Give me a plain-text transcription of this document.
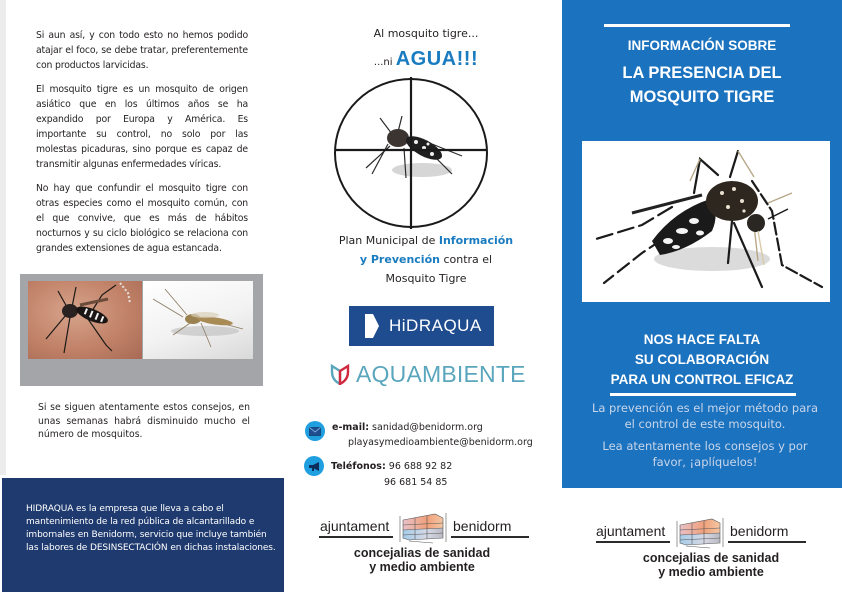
Si aun así, y con todo esto no hemos podido atajar el foco, se debe tratar, preferentemente con productos larvicidas.

El mosquito tigre es un mosquito de origen asiático que en los últimos años se ha expandido por Europa y América. Es importante su control, no solo por las molestas picaduras, sino porque es capaz de transmitir algunas enfermedades víricas.

No hay que confundir el mosquito tigre con otras especies como el mosquito común, con el que convive, que es más de hábitos nocturnos y su ciclo biológico se relaciona con grandes extensiones de agua estancada.

Si se siguen atentamente estos consejos, en unas semanas habrá disminuido mucho el número de mosquitos.

HIDRAQUA es la empresa que lleva a cabo el mantenimiento de la red pública de alcantarillado e imbornales en Benidorm, servicio que incluye también las labores de DESINSECTACIÓN en dichas instalaciones.

Al mosquito tigre...
...ni AGUA!!!
Plan Municipal de Información
y Prevención contra el
Mosquito Tigre
HiDRAQUA
AQUAMBIENTE
e-mail: sanidad@benidorm.org
playasymedioambiente@benidorm.org
Teléfonos: 96 688 92 82
96 681 54 85
ajuntament	benidorm
concejalias de sanidad
y medio ambiente
INFORMACIÓN SOBRE
LA PRESENCIA DEL
MOSQUITO TIGRE
NOS HACE FALTA
SU COLABORACIÓN
PARA UN CONTROL EFICAZ

La prevención es el mejor método para el control de este mosquito.

Lea atentamente los consejos y por favor, ¡aplíquelos!

ajuntament	benidorm
concejalias de sanidad
y medio ambiente
